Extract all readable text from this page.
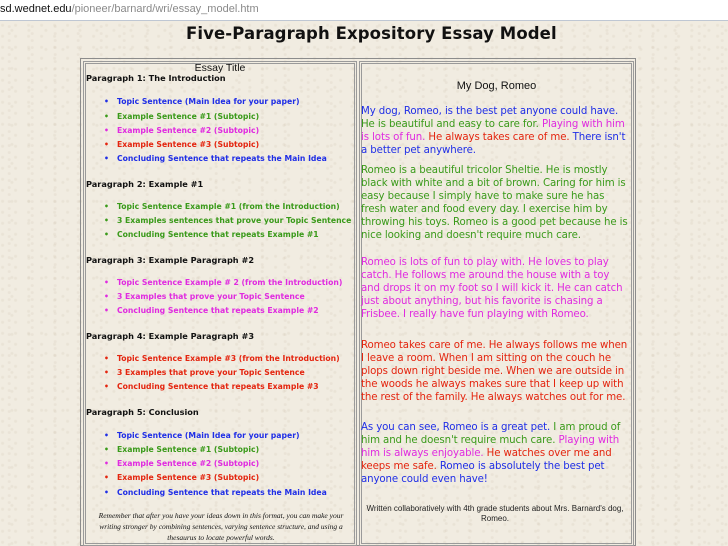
sd.wednet.edu/pioneer/barnard/wri/essay_model.htm
Five-Paragraph Expository Essay Model
Essay Title
Paragraph 1: The Introduction
• Topic Sentence (Main Idea for your paper)
• Example Sentence #1 (Subtopic)
• Example Sentence #2 (Subtopic)
• Example Sentence #3 (Subtopic)
• Concluding Sentence that repeats the Main Idea
Paragraph 2: Example #1
• Topic Sentence Example #1 (from the Introduction)
• 3 Examples sentences that prove your Topic Sentence
• Concluding Sentence that repeats Example #1
Paragraph 3: Example Paragraph #2
• Topic Sentence Example # 2 (from the Introduction)
• 3 Examples that prove your Topic Sentence
• Concluding Sentence that repeats Example #2
Paragraph 4: Example Paragraph #3
• Topic Sentence Example #3 (from the Introduction)
• 3 Examples that prove your Topic Sentence
• Concluding Sentence that repeats Example #3
Paragraph 5: Conclusion
• Topic Sentence (Main Idea for your paper)
• Example Sentence #1 (Subtopic)
• Example Sentence #2 (Subtopic)
• Example Sentence #3 (Subtopic)
• Concluding Sentence that repeats the Main Idea
Remember that after you have your ideas down in this format, you can make your writing stronger by combining sentences, varying sentence structure, and using a thesaurus to locate powerful words.
My Dog, Romeo
My dog, Romeo, is the best pet anyone could have. He is beautiful and easy to care for. Playing with him is lots of fun. He always takes care of me. There isn't a better pet anywhere.
Romeo is a beautiful tricolor Sheltie. He is mostly black with white and a bit of brown. Caring for him is easy because I simply have to make sure he has fresh water and food every day. I exercise him by throwing his toys. Romeo is a good pet because he is nice looking and doesn't require much care.
Romeo is lots of fun to play with. He loves to play catch. He follows me around the house with a toy and drops it on my foot so I will kick it. He can catch just about anything, but his favorite is chasing a Frisbee. I really have fun playing with Romeo.
Romeo takes care of me. He always follows me when I leave a room. When I am sitting on the couch he plops down right beside me. When we are outside in the woods he always makes sure that I keep up with the rest of the family. He always watches out for me.
As you can see, Romeo is a great pet. I am proud of him and he doesn't require much care. Playing with him is always enjoyable. He watches over me and keeps me safe. Romeo is absolutely the best pet anyone could even have!
Written collaboratively with 4th grade students about Mrs. Barnard's dog, Romeo.
